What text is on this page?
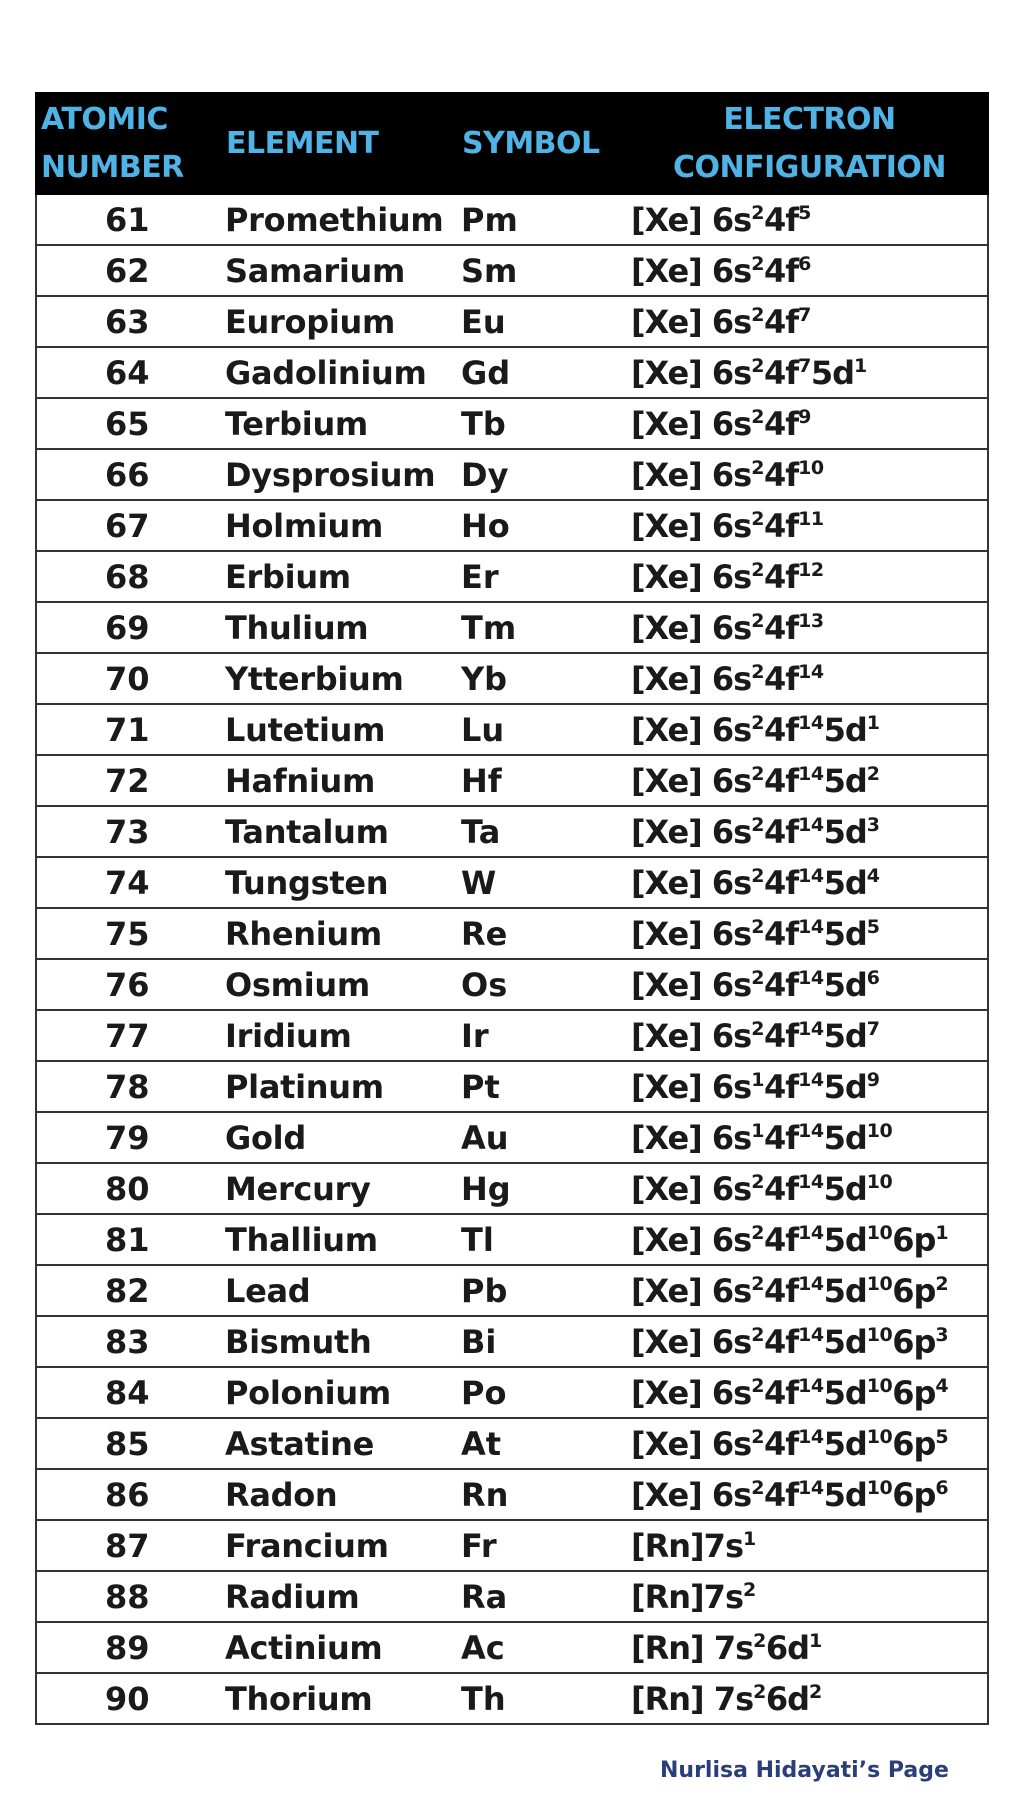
ATOMIC NUMBER	ELEMENT	SYMBOL	ELECTRON CONFIGURATION
61	Promethium	Pm	[Xe] $6s^24f^5$
62	Samarium	Sm	[Xe] $6s^24f^6$
63	Europium	Eu	[Xe] $6s^24f^7$
64	Gadolinium	Gd	[Xe] $6s^24f^75d^1$
65	Terbium	Tb	[Xe] $6s^24f^9$
66	Dysprosium	Dy	[Xe] $6s^24f^{10}$
67	Holmium	Ho	[Xe] $6s^24f^{11}$
68	Erbium	Er	[Xe] $6s^24f^{12}$
69	Thulium	Tm	[Xe] $6s^24f^{13}$
70	Ytterbium	Yb	[Xe] $6s^24f^{14}$
71	Lutetium	Lu	[Xe] $6s^24f^{14}5d^1$
72	Hafnium	Hf	[Xe] $6s^24f^{14}5d^2$
73	Tantalum	Ta	[Xe] $6s^24f^{14}5d^3$
74	Tungsten	W	[Xe] $6s^24f^{14}5d^4$
75	Rhenium	Re	[Xe] $6s^24f^{14}5d^5$
76	Osmium	Os	[Xe] $6s^24f^{14}5d^6$
77	Iridium	Ir	[Xe] $6s^24f^{14}5d^7$
78	Platinum	Pt	[Xe] $6s^14f^{14}5d^9$
79	Gold	Au	[Xe] $6s^14f^{14}5d^{10}$
80	Mercury	Hg	[Xe] $6s^24f^{14}5d^{10}$
81	Thallium	Tl	[Xe] $6s^24f^{14}5d^{10}6p^1$
82	Lead	Pb	[Xe] $6s^24f^{14}5d^{10}6p^2$
83	Bismuth	Bi	[Xe] $6s^24f^{14}5d^{10}6p^3$
84	Polonium	Po	[Xe] $6s^24f^{14}5d^{10}6p^4$
85	Astatine	At	[Xe] $6s^24f^{14}5d^{10}6p^5$
86	Radon	Rn	[Xe] $6s^24f^{14}5d^{10}6p^6$
87	Francium	Fr	$[Rn]7s^1$
88	Radium	Ra	$[Rn]7s^2$
89	Actinium	Ac	[Rn] $7s^26d^1$
90	Thorium	Th	[Rn] $7s^26d^2$
Nurlisa Hidayati’s Page
